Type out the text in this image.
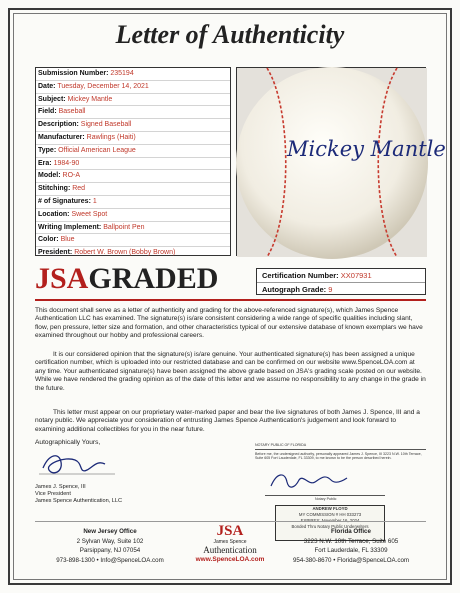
Letter of Authenticity
Submission Number: 235194
Date: Tuesday, December 14, 2021
Subject: Mickey Mantle
Field: Baseball
Description: Signed Baseball
Manufacturer: Rawlings (Haiti)
Type: Official American League
Era: 1984-90
Model: RO-A
Stitching: Red
# of Signatures: 1
Location: Sweet Spot
Writing Implement: Ballpoint Pen
Color: Blue
President: Robert W. Brown (Bobby Brown)
Mickey Mantle
JSAGRADED	Certification Number: XX07931
Autograph Grade: 9
This document shall serve as a letter of authenticity and grading for the above-referenced signature(s), which James Spence Authentication LLC has examined. The signature(s) is/are consistent considering a wide range of specific qualities including slant, flow, pen pressure, letter size and formation, and other characteristics typical of our extensive database of known exemplars we have examined throughout our hobby and professional careers.
It is our considered opinion that the signature(s) is/are genuine. Your authenticated signature(s) has been assigned a unique certification number, which is uploaded into our restricted database and can be confirmed on our website www.SpenceLOA.com at any time. Your authenticated signature(s) have been assigned the above grade based on JSA's grading scale posted on our website. While we have rendered the grading opinion as of the date of this letter and we assume no responsibility to any change in the grade in the future.
This letter must appear on our proprietary water-marked paper and bear the live signatures of both James J. Spence, III and a notary public. We appreciate your consideration of entrusting James Spence Authentication's judgement and look forward to examining additional collectibles for you in the near future.
Autographically Yours,
James J. Spence, III
Vice President
James Spence Authentication, LLC
NOTARY PUBLIC OF FLORIDA
Before me, the undersigned authority, personally appeared James J. Spence, III 3223 N.W. 10th Terrace, Suite 605 Fort Lauderdale, FL 33309, to me known to be the person described herein.
Notary Public
ANDREW FLOYD
MY COMMISSION # HH 033273
Bonded Thru Notary Public Underwriters
New Jersey Office
2 Sylvan Way, Suite 102
Parsippany, NJ 07054
973-898-1300 • Info@SpenceLOA.com
JSA
James Spence
Authentication
www.SpenceLOA.com
Florida Office
3223 N.W. 10th Terrace, Suite 605
Fort Lauderdale, FL 33309
954-380-8670 • Florida@SpenceLOA.com
